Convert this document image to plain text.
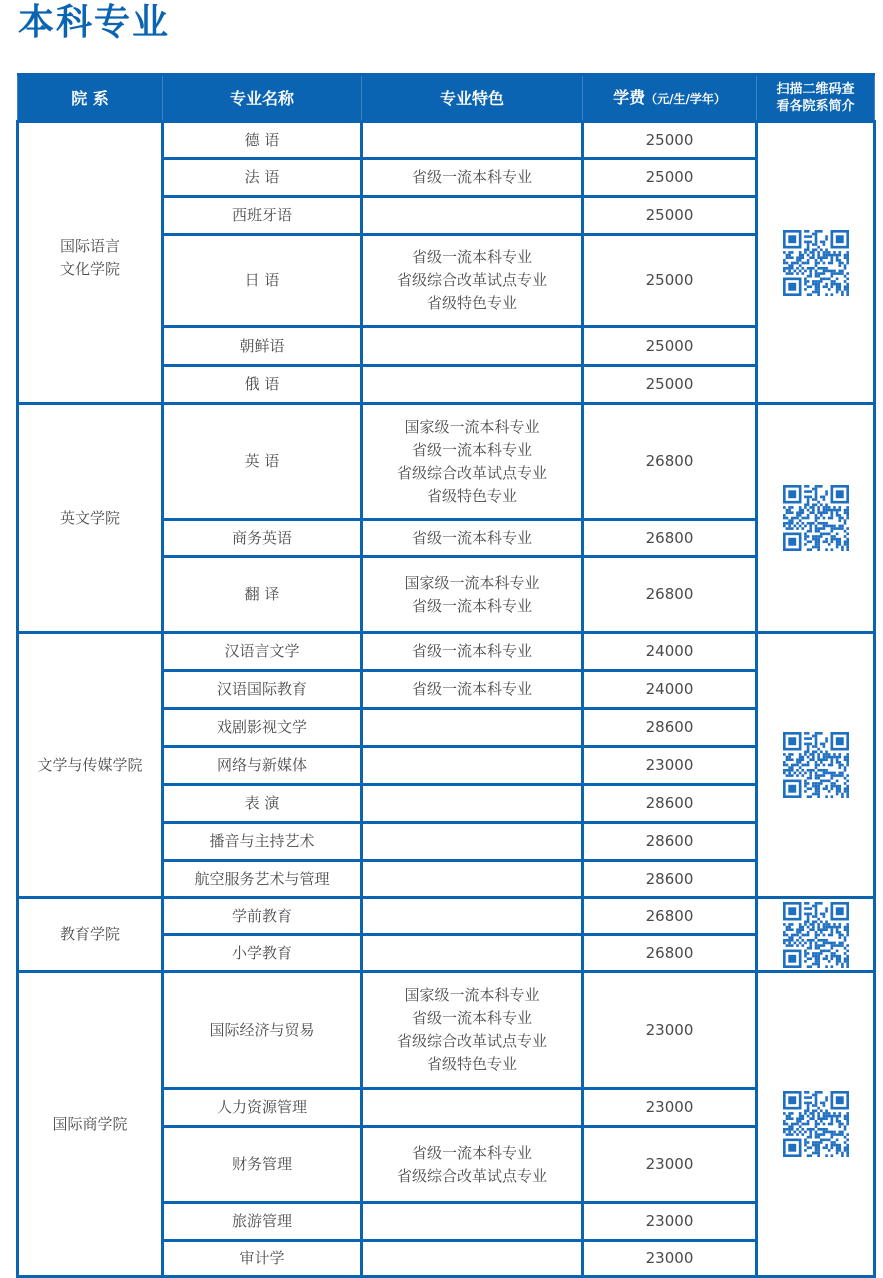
本科专业
院 系	专业名称	专业特色	学费（元/生/学年）	扫描二维码查
看各院系简介

国际语言
文化学院	德 语		25000	

	法 语	省级一流本科专业	25000	
	西班牙语		25000	
	日 语	省级一流本科专业
省级综合改革试点专业
省级特色专业	25000	
	朝鲜语		25000	
	俄 语		25000	

英文学院	英 语	国家级一流本科专业
省级一流本科专业
省级综合改革试点专业
省级特色专业	26800	

	商务英语	省级一流本科专业	26800	
	翻 译	国家级一流本科专业
省级一流本科专业	26800	

文学与传媒学院	汉语言文学	省级一流本科专业	24000	

	汉语国际教育	省级一流本科专业	24000	
	戏剧影视文学		28600	
	网络与新媒体		23000	
	表 演		28600	
	播音与主持艺术		28600	
	航空服务艺术与管理		28600	

教育学院	学前教育		26800	

	小学教育		26800	

国际商学院	国际经济与贸易	国家级一流本科专业
省级一流本科专业
省级综合改革试点专业
省级特色专业	23000	

	人力资源管理		23000	
	财务管理	省级一流本科专业
省级综合改革试点专业	23000	
	旅游管理		23000	
	审计学		23000	
